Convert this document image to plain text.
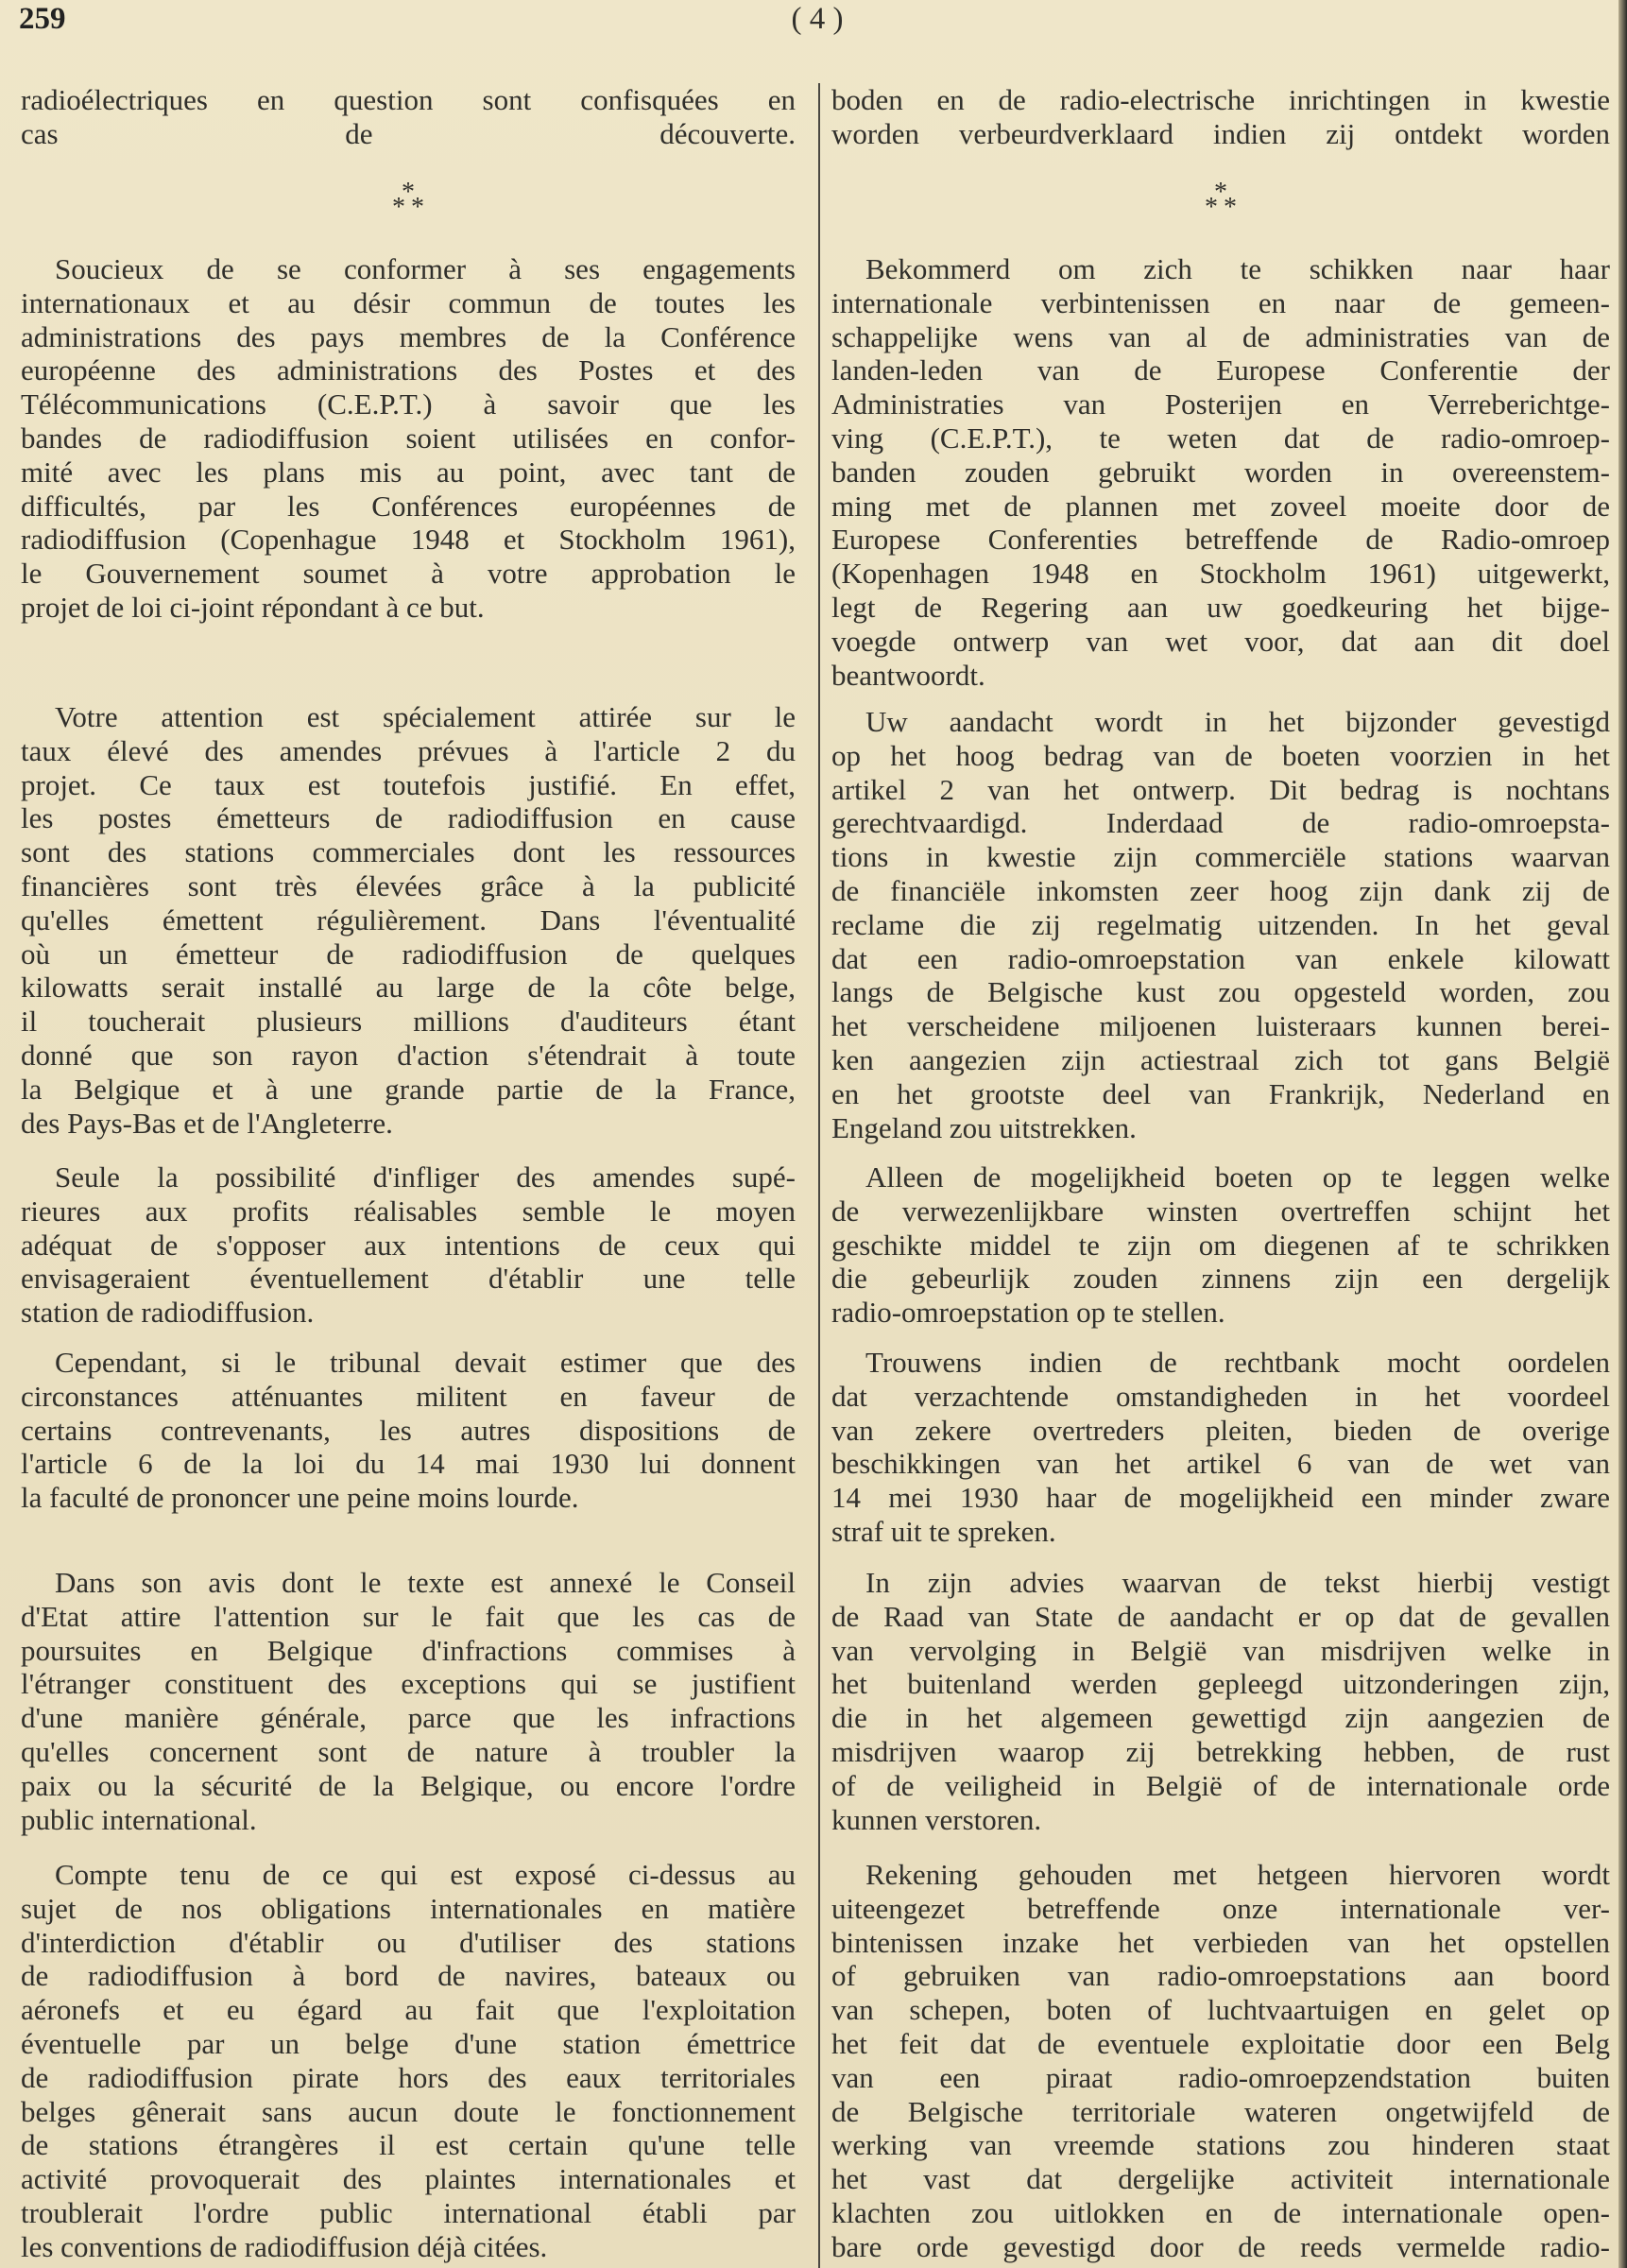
259	( 4 )
*
* *
radioélectriques en question sont confisquées en
cas de découverte.
Soucieux de se conformer à ses engagements
internationaux et au désir commun de toutes les
administrations des pays membres de la Conférence
européenne des administrations des Postes et des
Télécommunications (C.E.P.T.) à savoir que les
bandes de radiodiffusion soient utilisées en confor-
mité avec les plans mis au point, avec tant de
difficultés, par les Conférences européennes de
radiodiffusion (Copenhague 1948 et Stockholm 1961),
le Gouvernement soumet à votre approbation le
projet de loi ci-joint répondant à ce but.
Votre attention est spécialement attirée sur le
taux élevé des amendes prévues à l'article 2 du
projet. Ce taux est toutefois justifié. En effet,
les postes émetteurs de radiodiffusion en cause
sont des stations commerciales dont les ressources
financières sont très élevées grâce à la publicité
qu'elles émettent régulièrement. Dans l'éventualité
où un émetteur de radiodiffusion de quelques
kilowatts serait installé au large de la côte belge,
il toucherait plusieurs millions d'auditeurs étant
donné que son rayon d'action s'étendrait à toute
la Belgique et à une grande partie de la France,
des Pays-Bas et de l'Angleterre.
Seule la possibilité d'infliger des amendes supé-
rieures aux profits réalisables semble le moyen
adéquat de s'opposer aux intentions de ceux qui
envisageraient éventuellement d'établir une telle
station de radiodiffusion.
Cependant, si le tribunal devait estimer que des
circonstances atténuantes militent en faveur de
certains contrevenants, les autres dispositions de
l'article 6 de la loi du 14 mai 1930 lui donnent
la faculté de prononcer une peine moins lourde.
Dans son avis dont le texte est annexé le Conseil
d'Etat attire l'attention sur le fait que les cas de
poursuites en Belgique d'infractions commises à
l'étranger constituent des exceptions qui se justifient
d'une manière générale, parce que les infractions
qu'elles concernent sont de nature à troubler la
paix ou la sécurité de la Belgique, ou encore l'ordre
public international.
Compte tenu de ce qui est exposé ci-dessus au
sujet de nos obligations internationales en matière
d'interdiction d'établir ou d'utiliser des stations
de radiodiffusion à bord de navires, bateaux ou
aéronefs et eu égard au fait que l'exploitation
éventuelle par un belge d'une station émettrice
de radiodiffusion pirate hors des eaux territoriales
belges gênerait sans aucun doute le fonctionnement
de stations étrangères il est certain qu'une telle
activité provoquerait des plaintes internationales et
troublerait l'ordre public international établi par
les conventions de radiodiffusion déjà citées.
*
* *
boden en de radio-electrische inrichtingen in kwestie
worden verbeurdverklaard indien zij ontdekt worden
Bekommerd om zich te schikken naar haar
internationale verbintenissen en naar de gemeen-
schappelijke wens van al de administraties van de
landen-leden van de Europese Conferentie der
Administraties van Posterijen en Verreberichtge-
ving (C.E.P.T.), te weten dat de radio-omroep-
banden zouden gebruikt worden in overeenstem-
ming met de plannen met zoveel moeite door de
Europese Conferenties betreffende de Radio-omroep
(Kopenhagen 1948 en Stockholm 1961) uitgewerkt,
legt de Regering aan uw goedkeuring het bijge-
voegde ontwerp van wet voor, dat aan dit doel
beantwoordt.
Uw aandacht wordt in het bijzonder gevestigd
op het hoog bedrag van de boeten voorzien in het
artikel 2 van het ontwerp. Dit bedrag is nochtans
gerechtvaardigd. Inderdaad de radio-omroepsta-
tions in kwestie zijn commerciële stations waarvan
de financiële inkomsten zeer hoog zijn dank zij de
reclame die zij regelmatig uitzenden. In het geval
dat een radio-omroepstation van enkele kilowatt
langs de Belgische kust zou opgesteld worden, zou
het verscheidene miljoenen luisteraars kunnen berei-
ken aangezien zijn actiestraal zich tot gans België
en het grootste deel van Frankrijk, Nederland en
Engeland zou uitstrekken.
Alleen de mogelijkheid boeten op te leggen welke
de verwezenlijkbare winsten overtreffen schijnt het
geschikte middel te zijn om diegenen af te schrikken
die gebeurlijk zouden zinnens zijn een dergelijk
radio-omroepstation op te stellen.
Trouwens indien de rechtbank mocht oordelen
dat verzachtende omstandigheden in het voordeel
van zekere overtreders pleiten, bieden de overige
beschikkingen van het artikel 6 van de wet van
14 mei 1930 haar de mogelijkheid een minder zware
straf uit te spreken.
In zijn advies waarvan de tekst hierbij vestigt
de Raad van State de aandacht er op dat de gevallen
van vervolging in België van misdrijven welke in
het buitenland werden gepleegd uitzonderingen zijn,
die in het algemeen gewettigd zijn aangezien de
misdrijven waarop zij betrekking hebben, de rust
of de veiligheid in België of de internationale orde
kunnen verstoren.
Rekening gehouden met hetgeen hiervoren wordt
uiteengezet betreffende onze internationale ver-
bintenissen inzake het verbieden van het opstellen
of gebruiken van radio-omroepstations aan boord
van schepen, boten of luchtvaartuigen en gelet op
het feit dat de eventuele exploitatie door een Belg
van een piraat radio-omroepzendstation buiten
de Belgische territoriale wateren ongetwijfeld de
werking van vreemde stations zou hinderen staat
het vast dat dergelijke activiteit internationale
klachten zou uitlokken en de internationale open-
bare orde gevestigd door de reeds vermelde radio-
